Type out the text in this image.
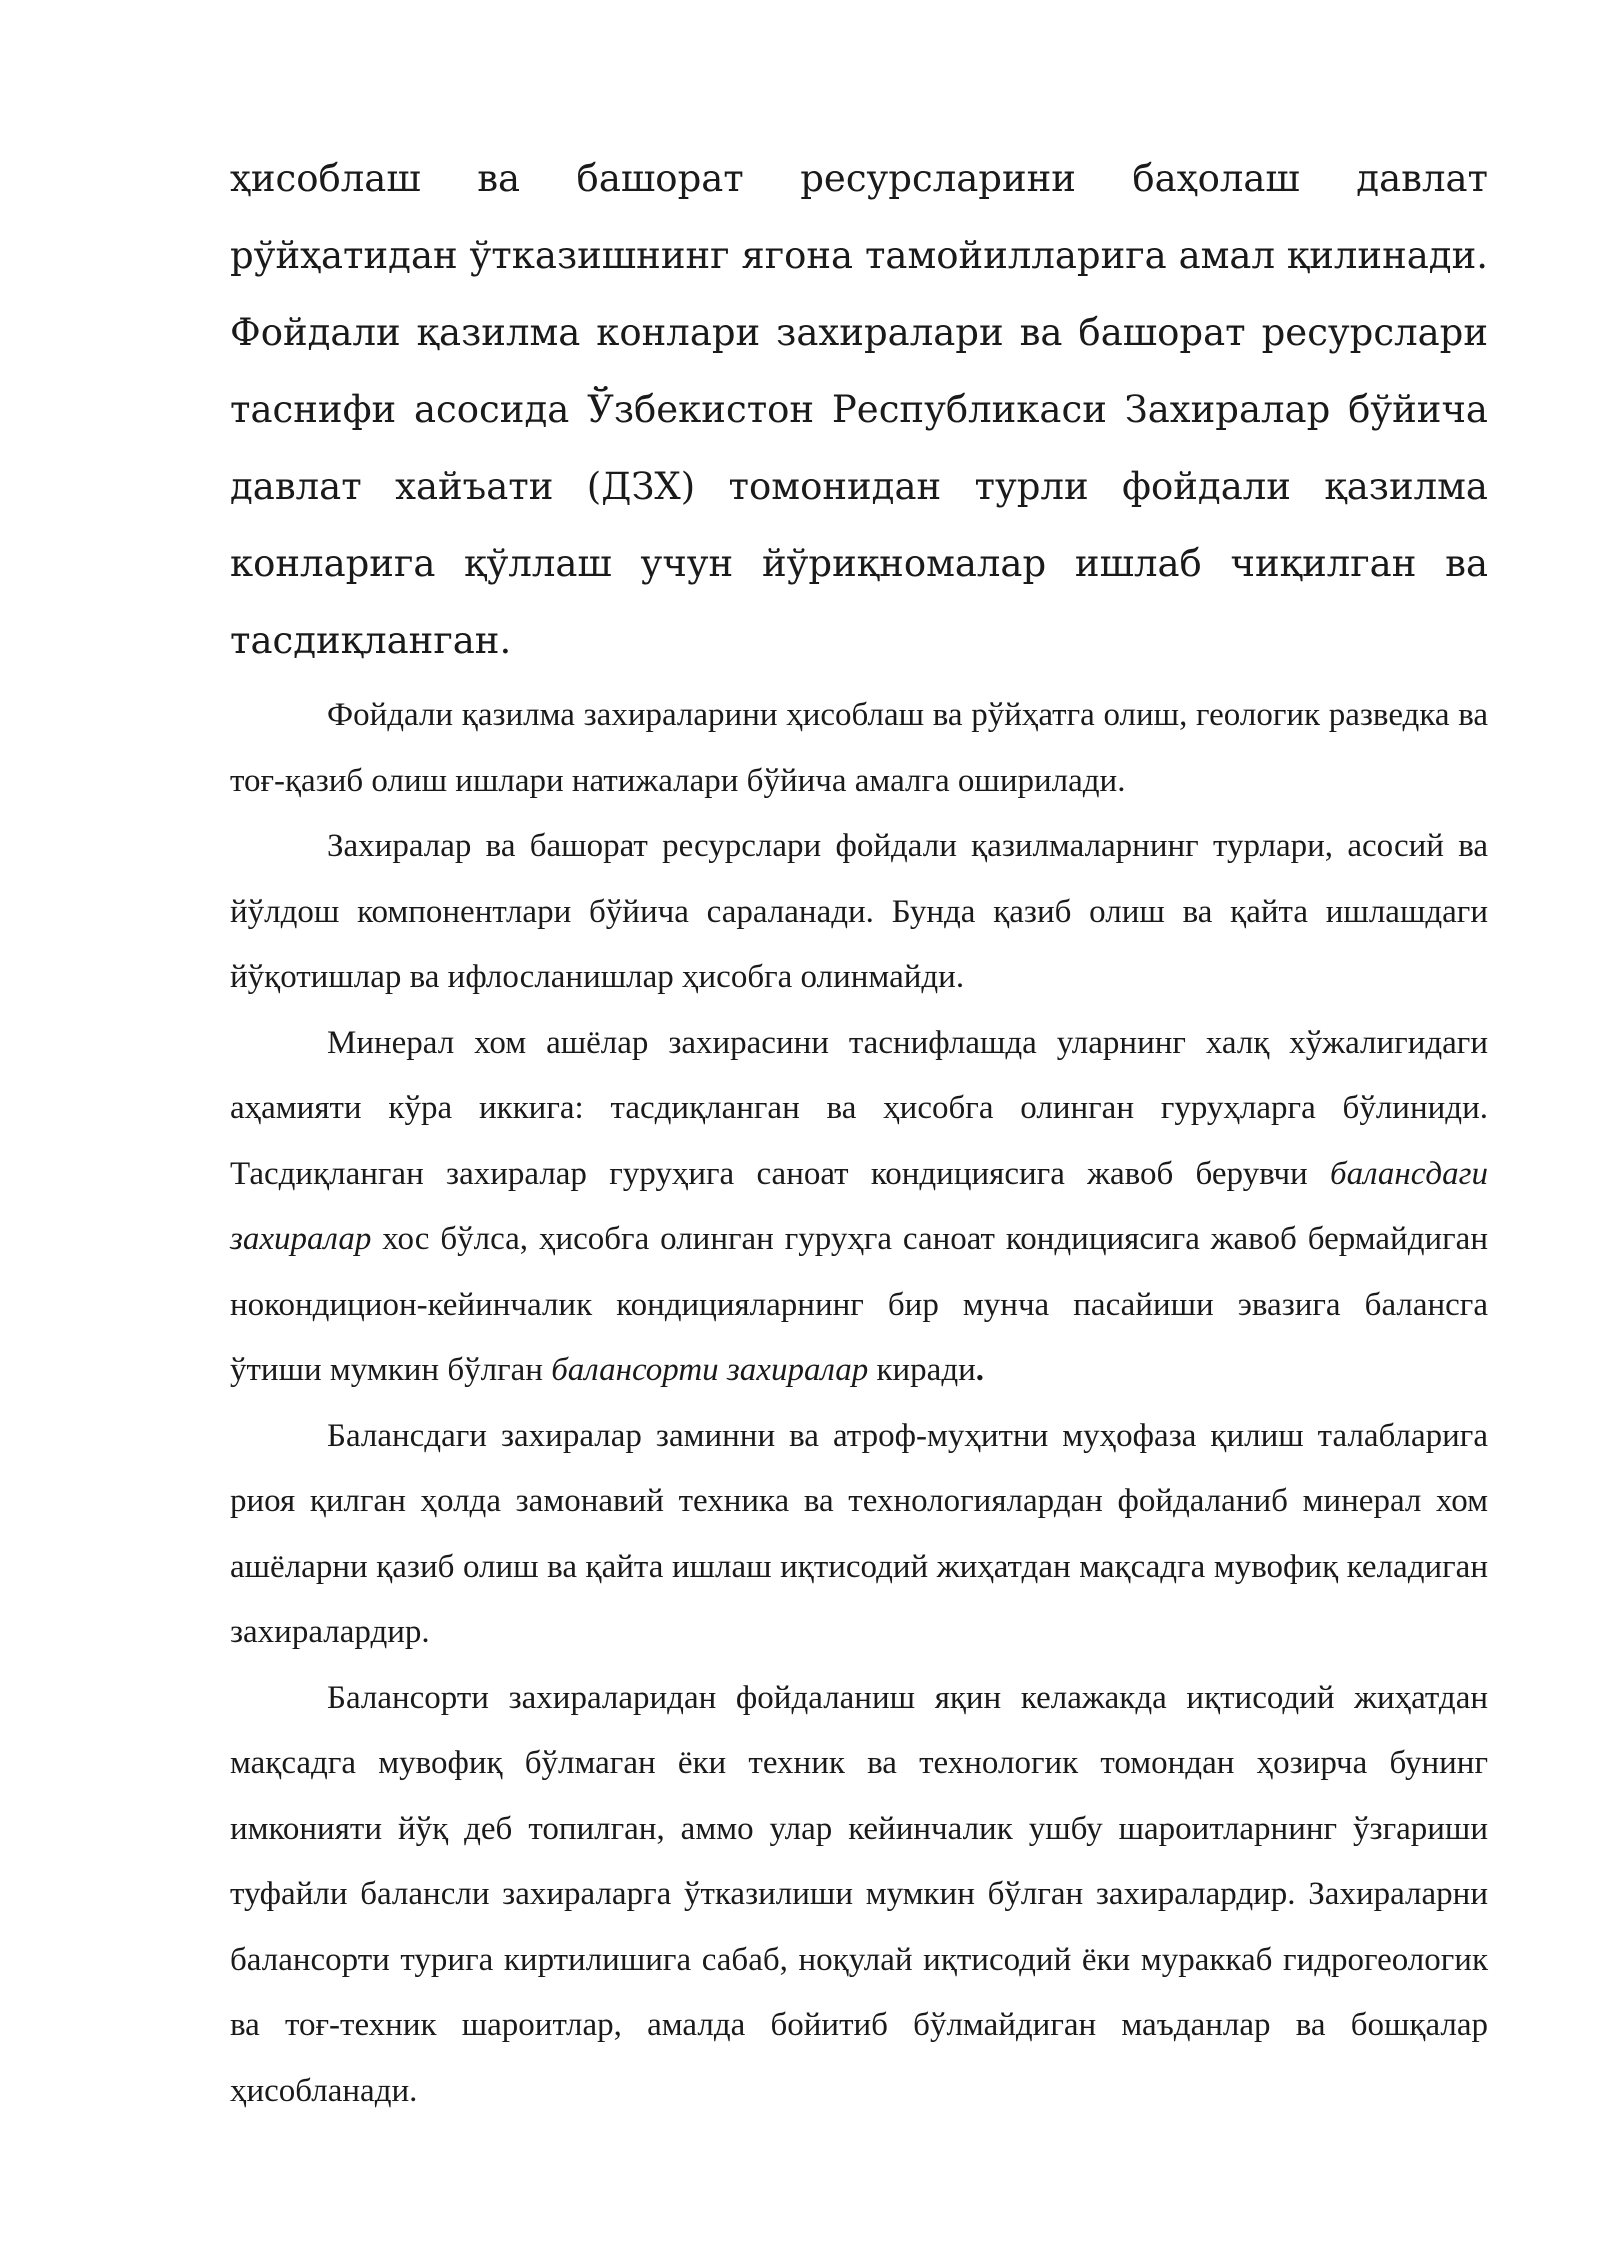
ҳисоблаш ва башорат ресурсларини баҳолаш давлат рўйҳатидан ўтказишнинг ягона тамойилларига амал қилинади. Фойдали қазилма конлари захиралари ва башорат ресурслари таснифи асосида Ўзбекистон Республикаси Захиралар бўйича давлат хайъати (ДЗХ) томонидан турли фойдали қазилма конларига қўллаш учун йўриқномалар ишлаб чиқилган ва тасдиқланган.

Фойдали қазилма захираларини ҳисоблаш ва рўйҳатга олиш, геологик разведка ва тоғ-қазиб олиш ишлари натижалари бўйича амалга оширилади.

Захиралар ва башорат ресурслари фойдали қазилмаларнинг турлари, асосий ва йўлдош компонентлари бўйича сараланади. Бунда қазиб олиш ва қайта ишлашдаги йўқотишлар ва ифлосланишлар ҳисобга олинмайди.

Минерал хом ашёлар захирасини таснифлашда уларнинг халқ хўжалигидаги аҳамияти кўра иккига: тасдиқланган ва ҳисобга олинган гуруҳларга бўлиниди. Тасдиқланган захиралар гуруҳига саноат кондициясига жавоб берувчи балансдаги захиралар хос бўлса, ҳисобга олинган гуруҳга саноат кондициясига жавоб бермайдиган нокондицион-кейинчалик кондицияларнинг бир мунча пасайиши эвазига балансга ўтиши мумкин бўлган балансорти захиралар киради.

Балансдаги захиралар заминни ва атроф-муҳитни муҳофаза қилиш талабларига риоя қилган ҳолда замонавий техника ва технологиялардан фойдаланиб минерал хом ашёларни қазиб олиш ва қайта ишлаш иқтисодий жиҳатдан мақсадга мувофиқ келадиган захиралардир.

Балансорти захираларидан фойдаланиш яқин келажакда иқтисодий жиҳатдан мақсадга мувофиқ бўлмаган ёки техник ва технологик томондан ҳозирча бунинг имконияти йўқ деб топилган, аммо улар кейинчалик ушбу шароитларнинг ўзгариши туфайли балансли захираларга ўтказилиши мумкин бўлган захиралардир. Захираларни балансорти турига киртилишига сабаб, ноқулай иқтисодий ёки мураккаб гидрогеологик ва тоғ-техник шароитлар, амалда бойитиб бўлмайдиган маъданлар ва бошқалар ҳисобланади.
